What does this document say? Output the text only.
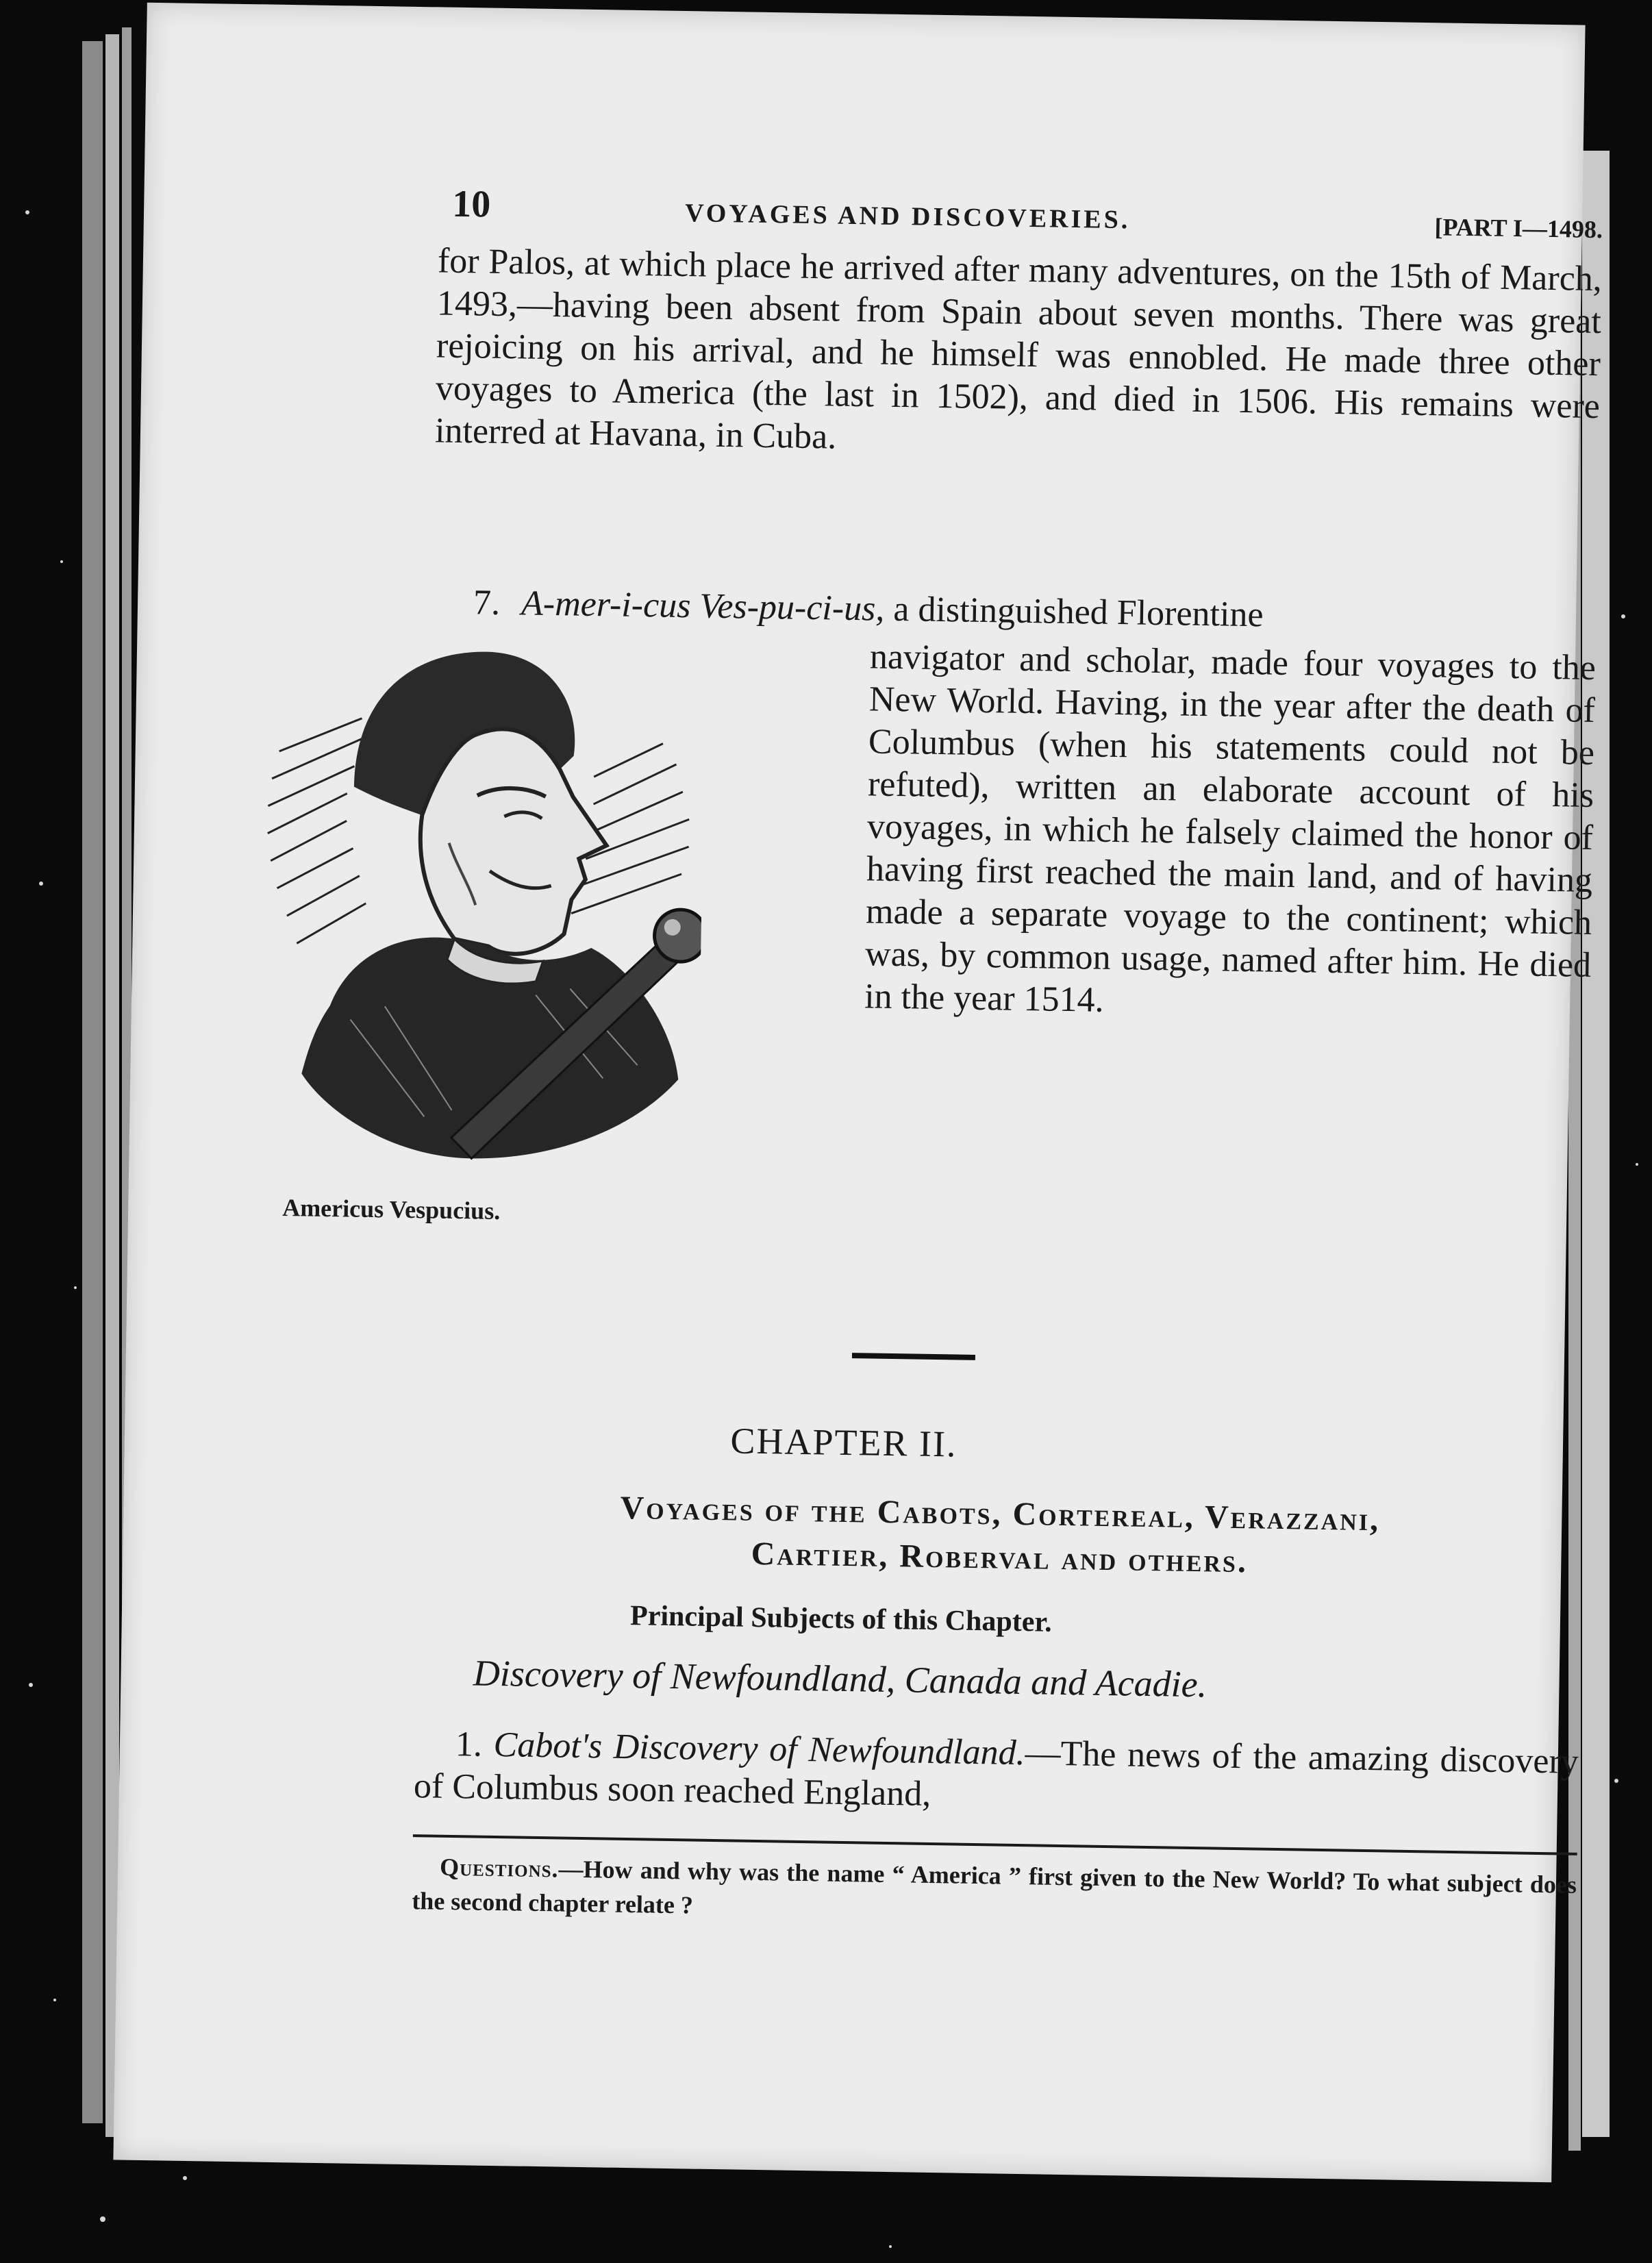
10	VOYAGES AND DISCOVERIES.	[PART I—1498.

for Palos, at which place he arrived after many adventures, on the 15th of March, 1493,—having been absent from Spain about seven months. There was great rejoicing on his arrival, and he himself was ennobled. He made three other voyages to America (the last in 1502), and died in 1506. His remains were interred at Havana, in Cuba.

7. A-mer-i-cus Ves-pu-ci-us, a distinguished Florentine

navigator and scholar, made four voyages to the New World. Having, in the year after the death of Columbus (when his statements could not be refuted), written an elaborate account of his voyages, in which he falsely claimed the honor of having first reached the main land, and of having made a separate voyage to the continent; which was, by common usage, named after him. He died in the year 1514.

Americus Vespucius.
CHAPTER II.
Voyages of the Cabots, Cortereal, Verazzani,
Cartier, Roberval and others.
Principal Subjects of this Chapter.
Discovery of Newfoundland, Canada and Acadie.

1. Cabot's Discovery of Newfoundland.—The news of the amazing discovery of Columbus soon reached England,

Questions.—How and why was the name “ America ” first given to the New World? To what subject does the second chapter relate ?
